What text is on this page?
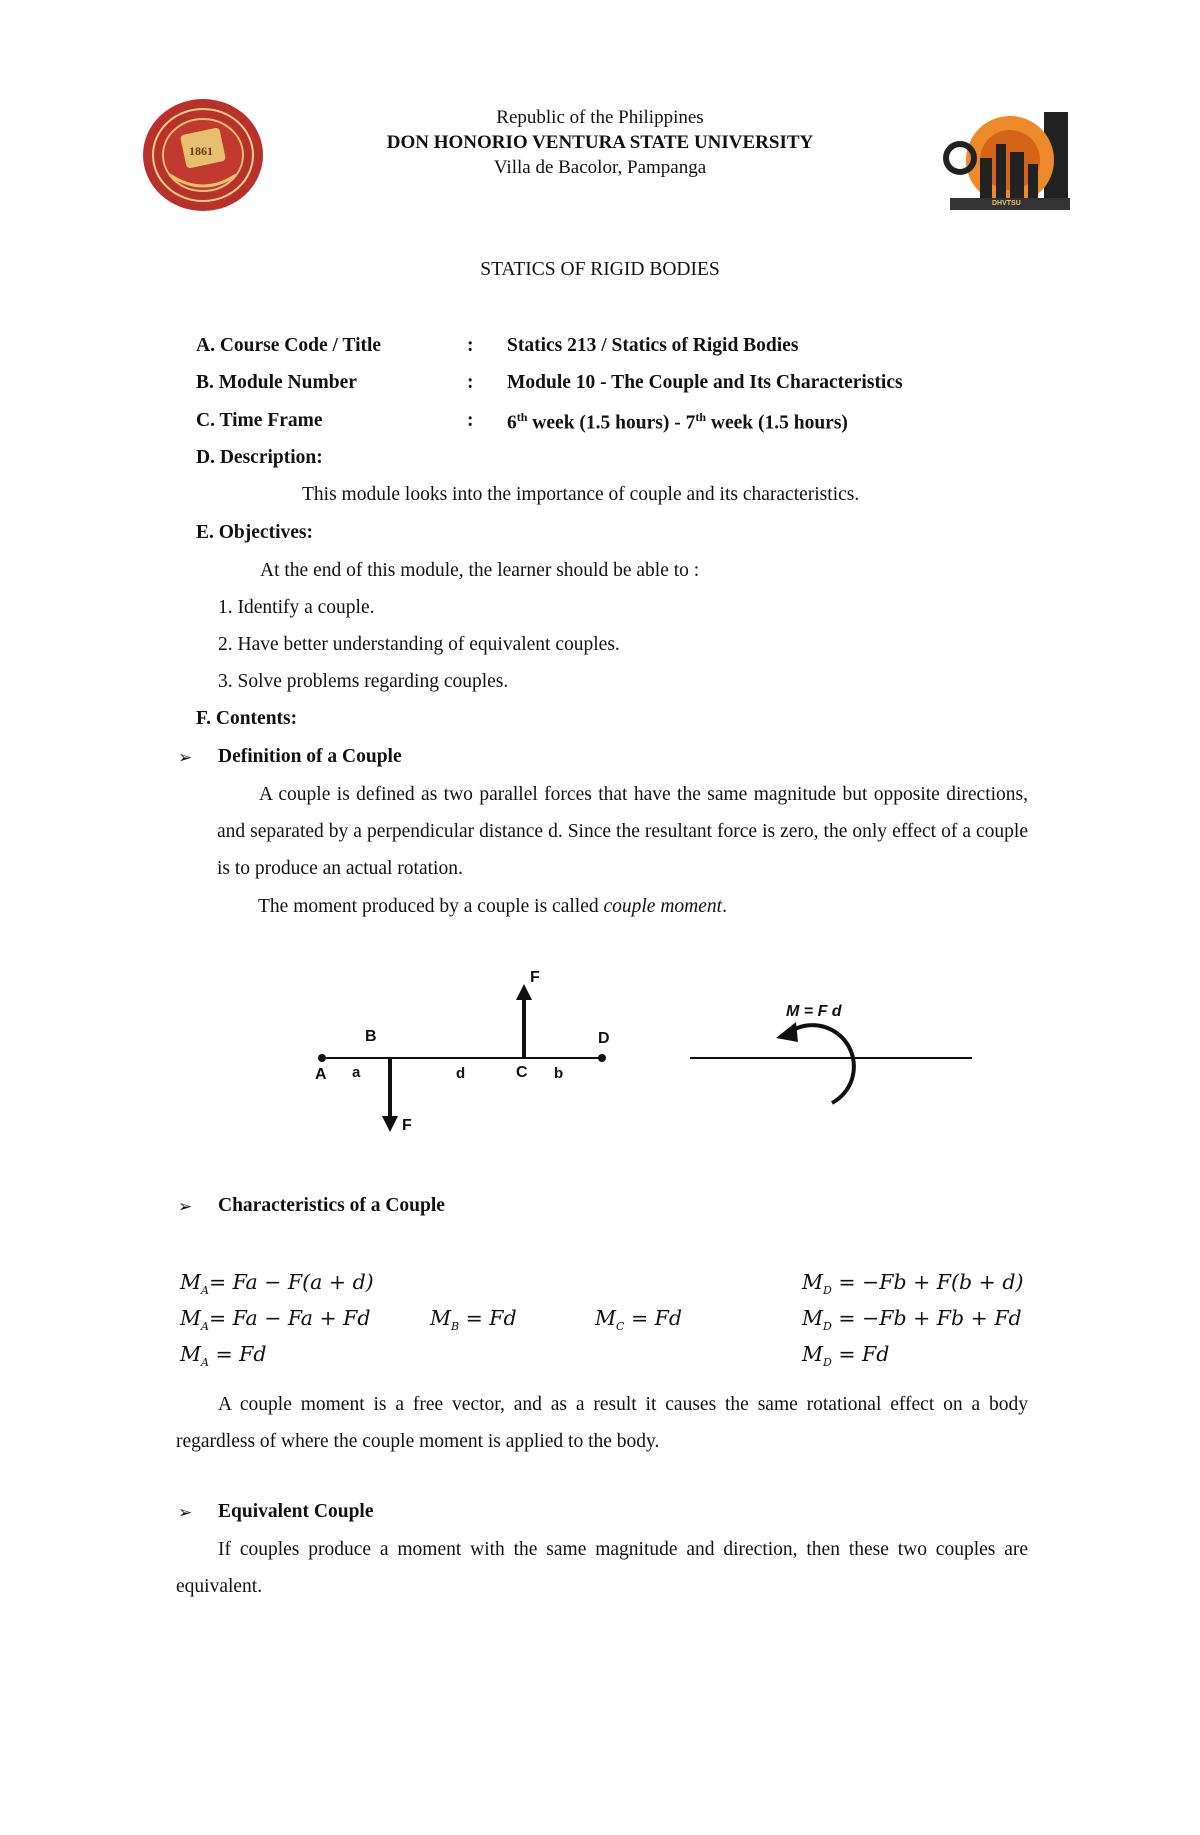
1861
DHVTSU
Republic of the Philippines
DON HONORIO VENTURA STATE UNIVERSITY
Villa de Bacolor, Pampanga
STATICS OF RIGID BODIES
A. Course Code / Title	: Statics 213 / Statics of Rigid Bodies
B. Module Number	: Module 10 - The Couple and Its Characteristics
C. Time Frame	: 6th week (1.5 hours) - 7th week (1.5 hours)
D. Description:
This module looks into the importance of couple and its characteristics.
E. Objectives:
At the end of this module, the learner should be able to :
1. Identify a couple.
2. Have better understanding of equivalent couples.
3. Solve problems regarding couples.
F. Contents:
➢ Definition of a Couple
A couple is defined as two parallel forces that have the same magnitude but opposite directions, and separated by a perpendicular distance d. Since the resultant force is zero, the only effect of a couple is to produce an actual rotation.
The moment produced by a couple is called couple moment.
F
F
A
B
C
D
a	d	b
M = F d
➢ Characteristics of a Couple
$M_A= Fa - F(a + d)$
$M_A= Fa - Fa + Fd$
$M_A = Fd$
$M_B = Fd$	$M_C = Fd$
$M_D = -Fb + F(b + d)$
$M_D = -Fb + Fb + Fd$
$M_D = Fd$
A couple moment is a free vector, and as a result it causes the same rotational effect on a body regardless of where the couple moment is applied to the body.
➢ Equivalent Couple
If couples produce a moment with the same magnitude and direction, then these two couples are equivalent.
